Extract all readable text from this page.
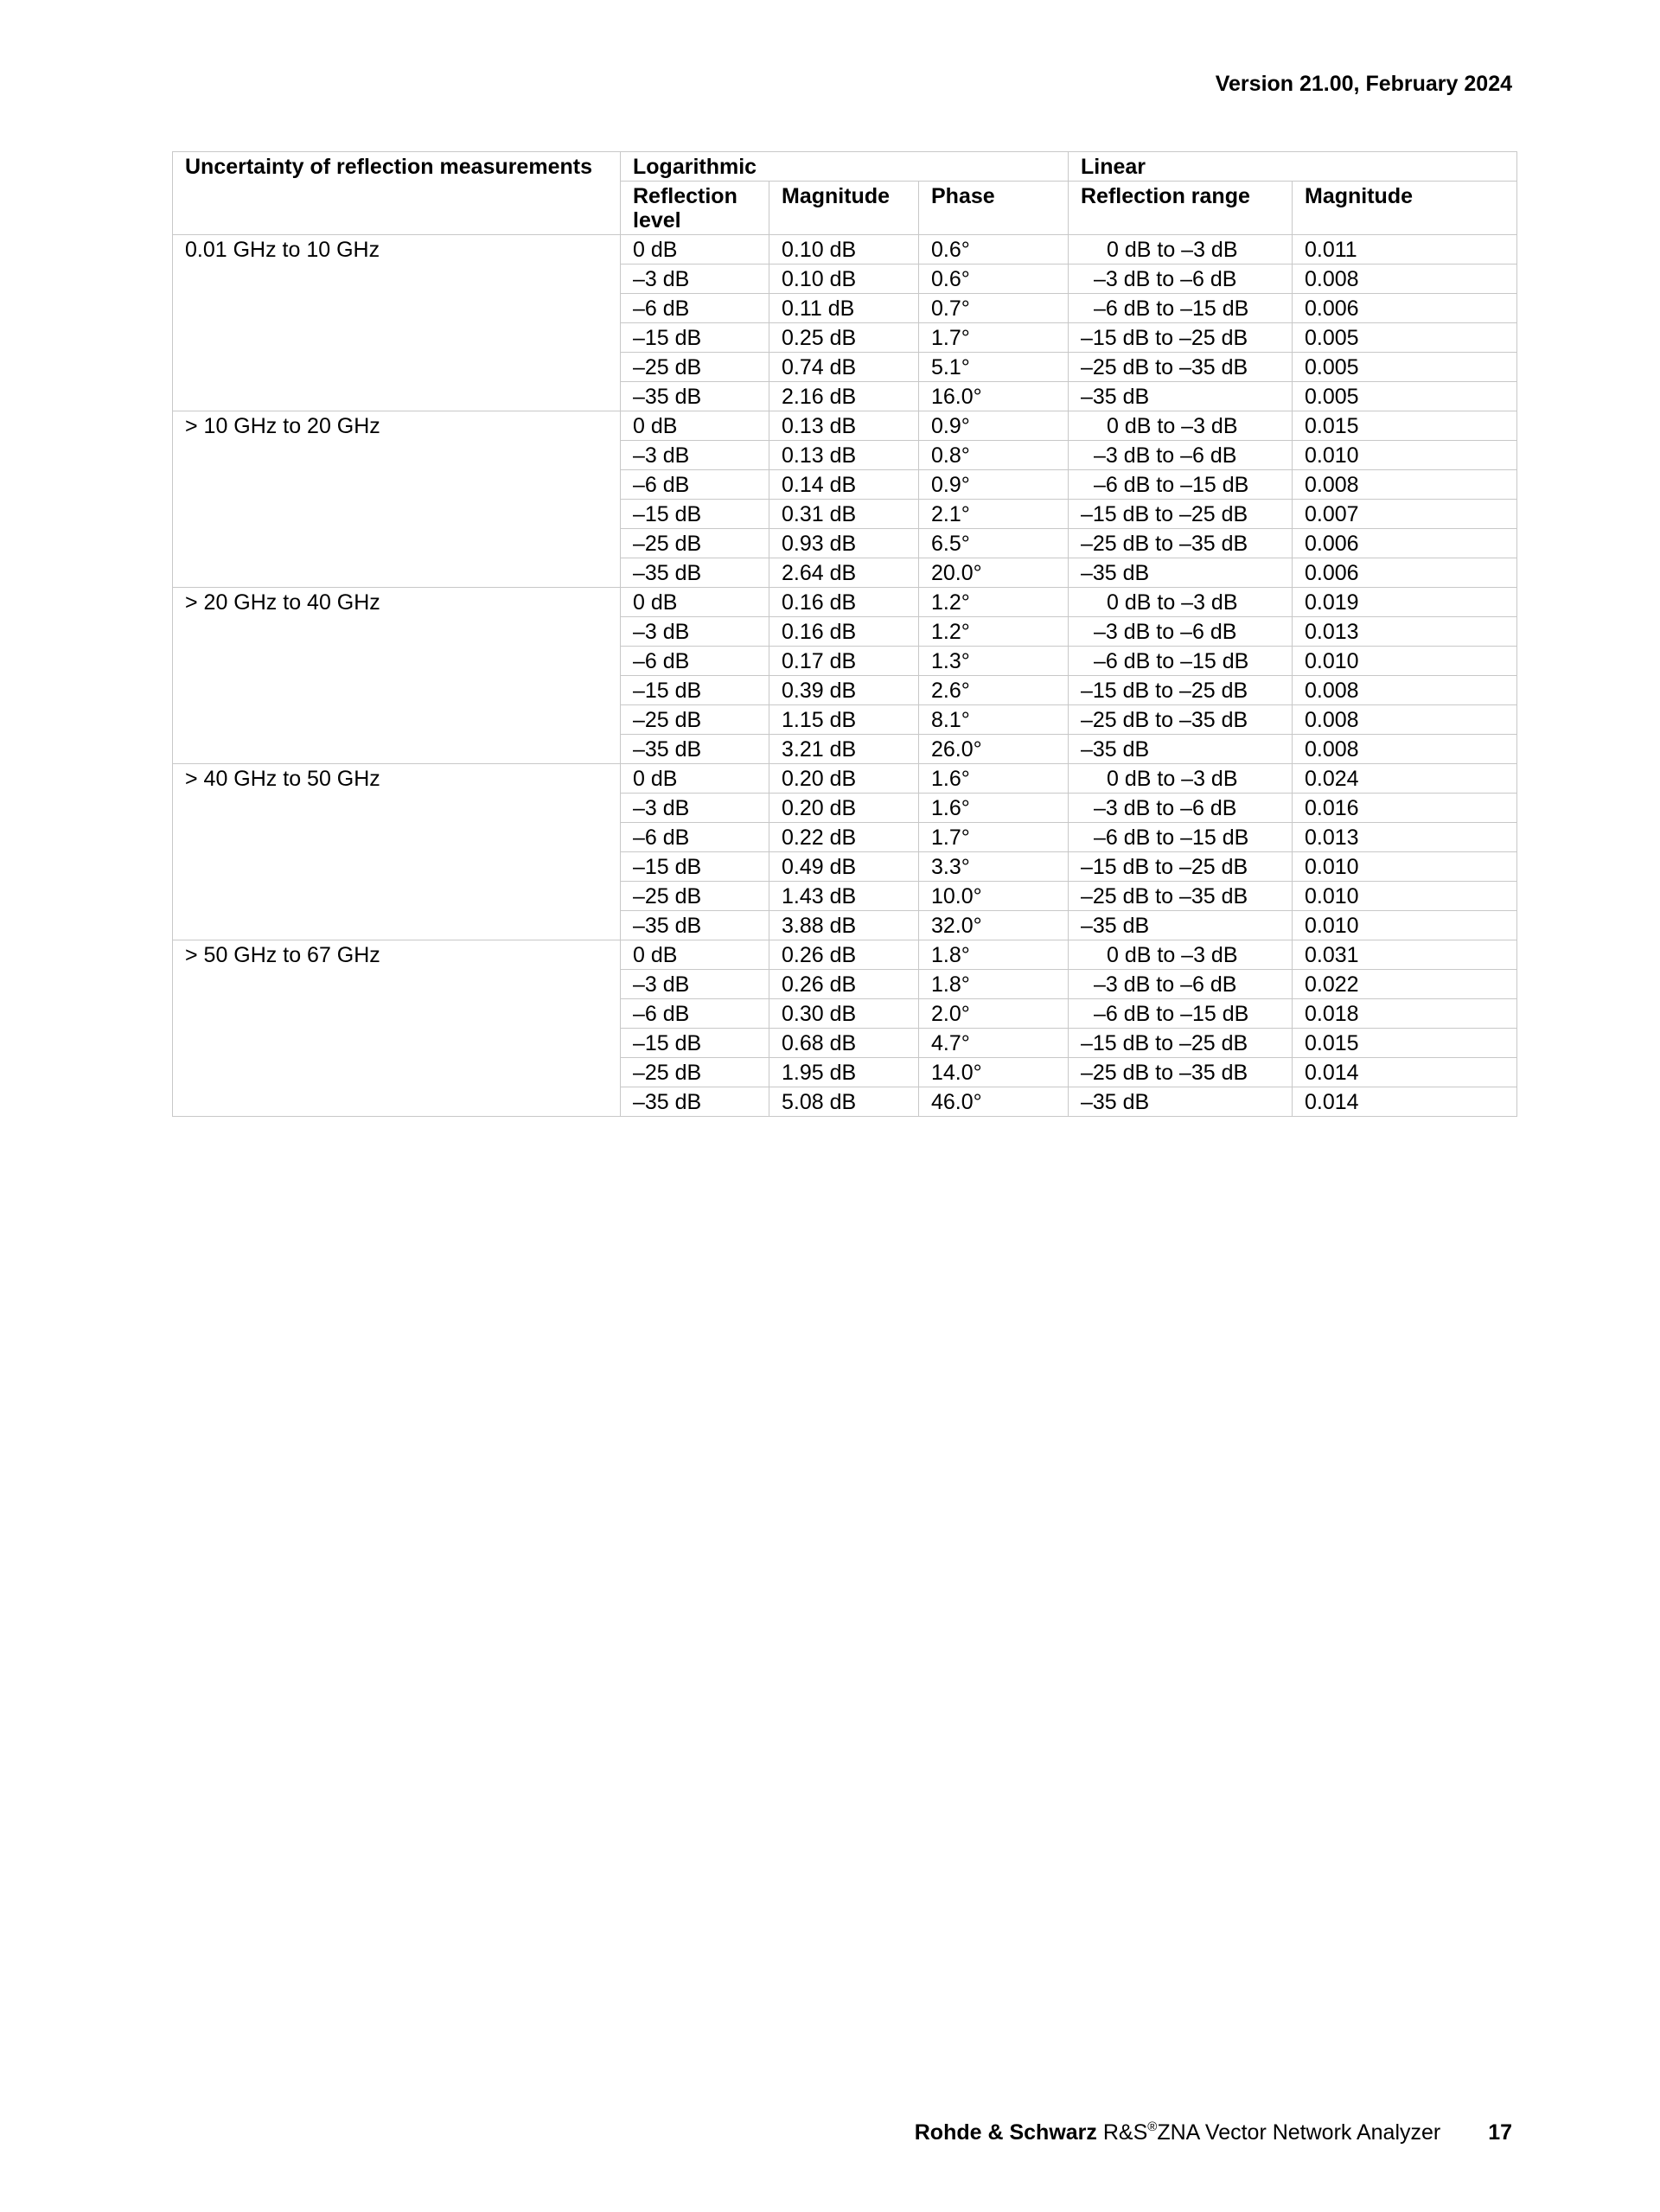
Version 21.00, February 2024
Uncertainty of reflection measurements	Logarithmic			Linear	
	Reflection level	Magnitude	Phase	Reflection range	Magnitude
0.01 GHz to 10 GHz	0 dB	0.10 dB	0.6°	0 dB to –3 dB	0.011
	–3 dB	0.10 dB	0.6°	–3 dB to –6 dB	0.008
	–6 dB	0.11 dB	0.7°	–6 dB to –15 dB	0.006
	–15 dB	0.25 dB	1.7°	–15 dB to –25 dB	0.005
	–25 dB	0.74 dB	5.1°	–25 dB to –35 dB	0.005
	–35 dB	2.16 dB	16.0°	–35 dB	0.005
> 10 GHz to 20 GHz	0 dB	0.13 dB	0.9°	0 dB to –3 dB	0.015
	–3 dB	0.13 dB	0.8°	–3 dB to –6 dB	0.010
	–6 dB	0.14 dB	0.9°	–6 dB to –15 dB	0.008
	–15 dB	0.31 dB	2.1°	–15 dB to –25 dB	0.007
	–25 dB	0.93 dB	6.5°	–25 dB to –35 dB	0.006
	–35 dB	2.64 dB	20.0°	–35 dB	0.006
> 20 GHz to 40 GHz	0 dB	0.16 dB	1.2°	0 dB to –3 dB	0.019
	–3 dB	0.16 dB	1.2°	–3 dB to –6 dB	0.013
	–6 dB	0.17 dB	1.3°	–6 dB to –15 dB	0.010
	–15 dB	0.39 dB	2.6°	–15 dB to –25 dB	0.008
	–25 dB	1.15 dB	8.1°	–25 dB to –35 dB	0.008
	–35 dB	3.21 dB	26.0°	–35 dB	0.008
> 40 GHz to 50 GHz	0 dB	0.20 dB	1.6°	0 dB to –3 dB	0.024
	–3 dB	0.20 dB	1.6°	–3 dB to –6 dB	0.016
	–6 dB	0.22 dB	1.7°	–6 dB to –15 dB	0.013
	–15 dB	0.49 dB	3.3°	–15 dB to –25 dB	0.010
	–25 dB	1.43 dB	10.0°	–25 dB to –35 dB	0.010
	–35 dB	3.88 dB	32.0°	–35 dB	0.010
> 50 GHz to 67 GHz	0 dB	0.26 dB	1.8°	0 dB to –3 dB	0.031
	–3 dB	0.26 dB	1.8°	–3 dB to –6 dB	0.022
	–6 dB	0.30 dB	2.0°	–6 dB to –15 dB	0.018
	–15 dB	0.68 dB	4.7°	–15 dB to –25 dB	0.015
	–25 dB	1.95 dB	14.0°	–25 dB to –35 dB	0.014
	–35 dB	5.08 dB	46.0°	–35 dB	0.014
Rohde & Schwarz R&S®ZNA Vector Network Analyzer 17
